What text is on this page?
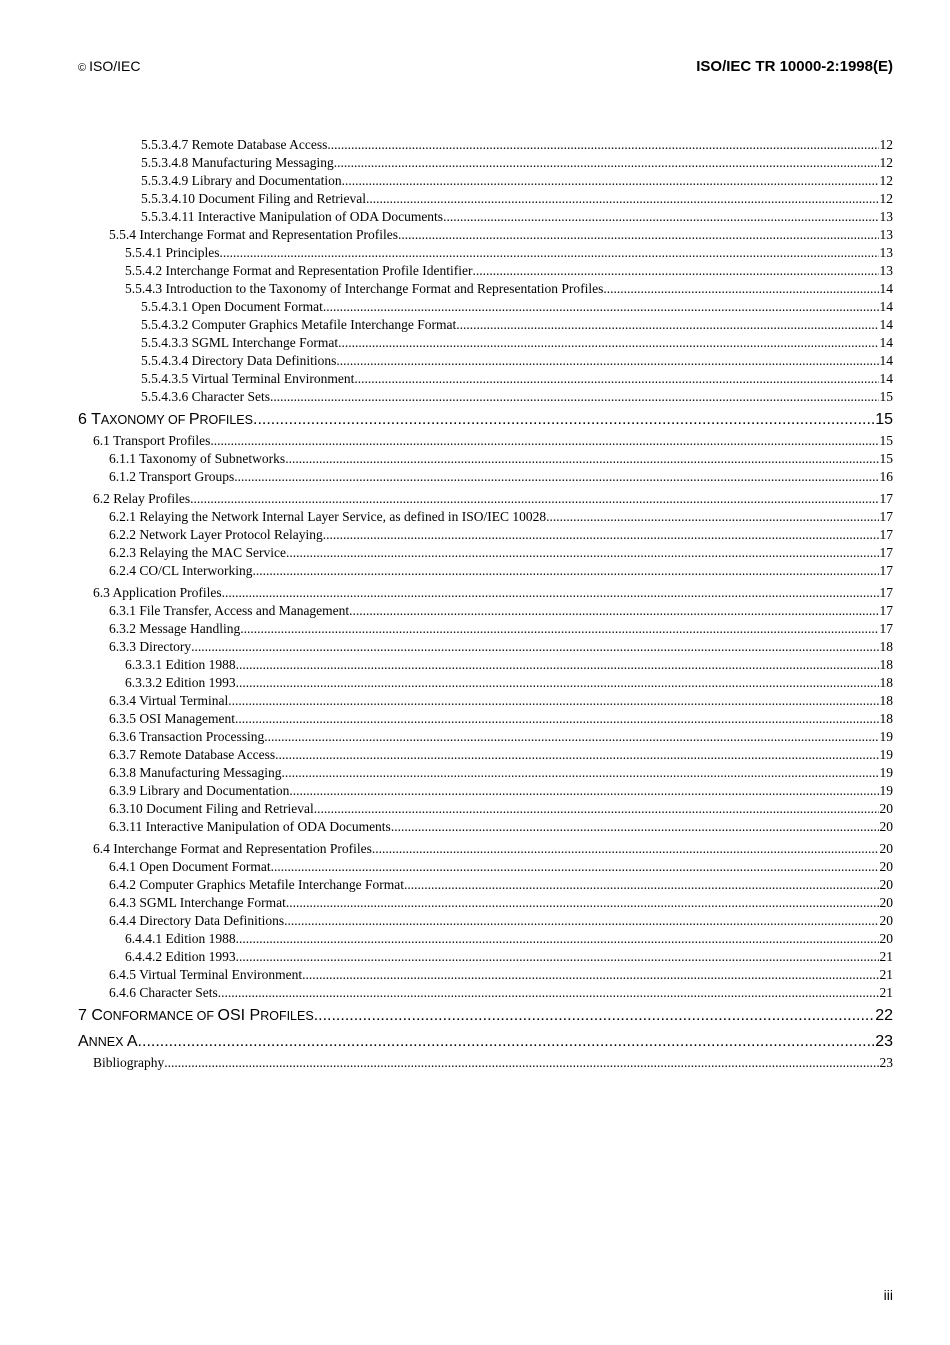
© ISO/IEC	ISO/IEC TR 10000-2:1998(E)
5.5.3.4.7 Remote Database Access .....	12
5.5.3.4.8 Manufacturing Messaging .....	12
5.5.3.4.9 Library and Documentation .....	12
5.5.3.4.10 Document Filing and Retrieval .....	12
5.5.3.4.11 Interactive Manipulation of ODA Documents .....	13
5.5.4 Interchange Format and Representation Profiles .....	13
5.5.4.1 Principles .....	13
5.5.4.2 Interchange Format and Representation Profile Identifier .....	13
5.5.4.3 Introduction to the Taxonomy of Interchange Format and Representation Profiles .....	14
5.5.4.3.1 Open Document Format .....	14
5.5.4.3.2 Computer Graphics Metafile Interchange Format .....	14
5.5.4.3.3 SGML Interchange Format .....	14
5.5.4.3.4 Directory Data Definitions .....	14
5.5.4.3.5 Virtual Terminal Environment .....	14
5.5.4.3.6 Character Sets .....	15
6 TAXONOMY OF PROFILES .....	15
6.1 Transport Profiles .....	15
6.1.1 Taxonomy of Subnetworks .....	15
6.1.2 Transport Groups .....	16
6.2 Relay Profiles .....	17
6.2.1 Relaying the Network Internal Layer Service, as defined in ISO/IEC 10028 .....	17
6.2.2 Network Layer Protocol Relaying .....	17
6.2.3 Relaying the MAC Service .....	17
6.2.4 CO/CL Interworking .....	17
6.3 Application Profiles .....	17
6.3.1 File Transfer, Access and Management .....	17
6.3.2 Message Handling .....	17
6.3.3 Directory .....	18
6.3.3.1 Edition 1988 .....	18
6.3.3.2 Edition 1993 .....	18
6.3.4 Virtual Terminal .....	18
6.3.5 OSI Management .....	18
6.3.6 Transaction Processing .....	19
6.3.7 Remote Database Access .....	19
6.3.8 Manufacturing Messaging .....	19
6.3.9 Library and Documentation .....	19
6.3.10 Document Filing and Retrieval .....	20
6.3.11 Interactive Manipulation of ODA Documents .....	20
6.4 Interchange Format and Representation Profiles .....	20
6.4.1 Open Document Format .....	20
6.4.2 Computer Graphics Metafile Interchange Format .....	20
6.4.3 SGML Interchange Format .....	20
6.4.4 Directory Data Definitions .....	20
6.4.4.1 Edition 1988 .....	20
6.4.4.2 Edition 1993 .....	21
6.4.5 Virtual Terminal Environment .....	21
6.4.6 Character Sets .....	21
7 CONFORMANCE OF OSI PROFILES .....	22
ANNEX A .....	23
Bibliography .....	23
iii
